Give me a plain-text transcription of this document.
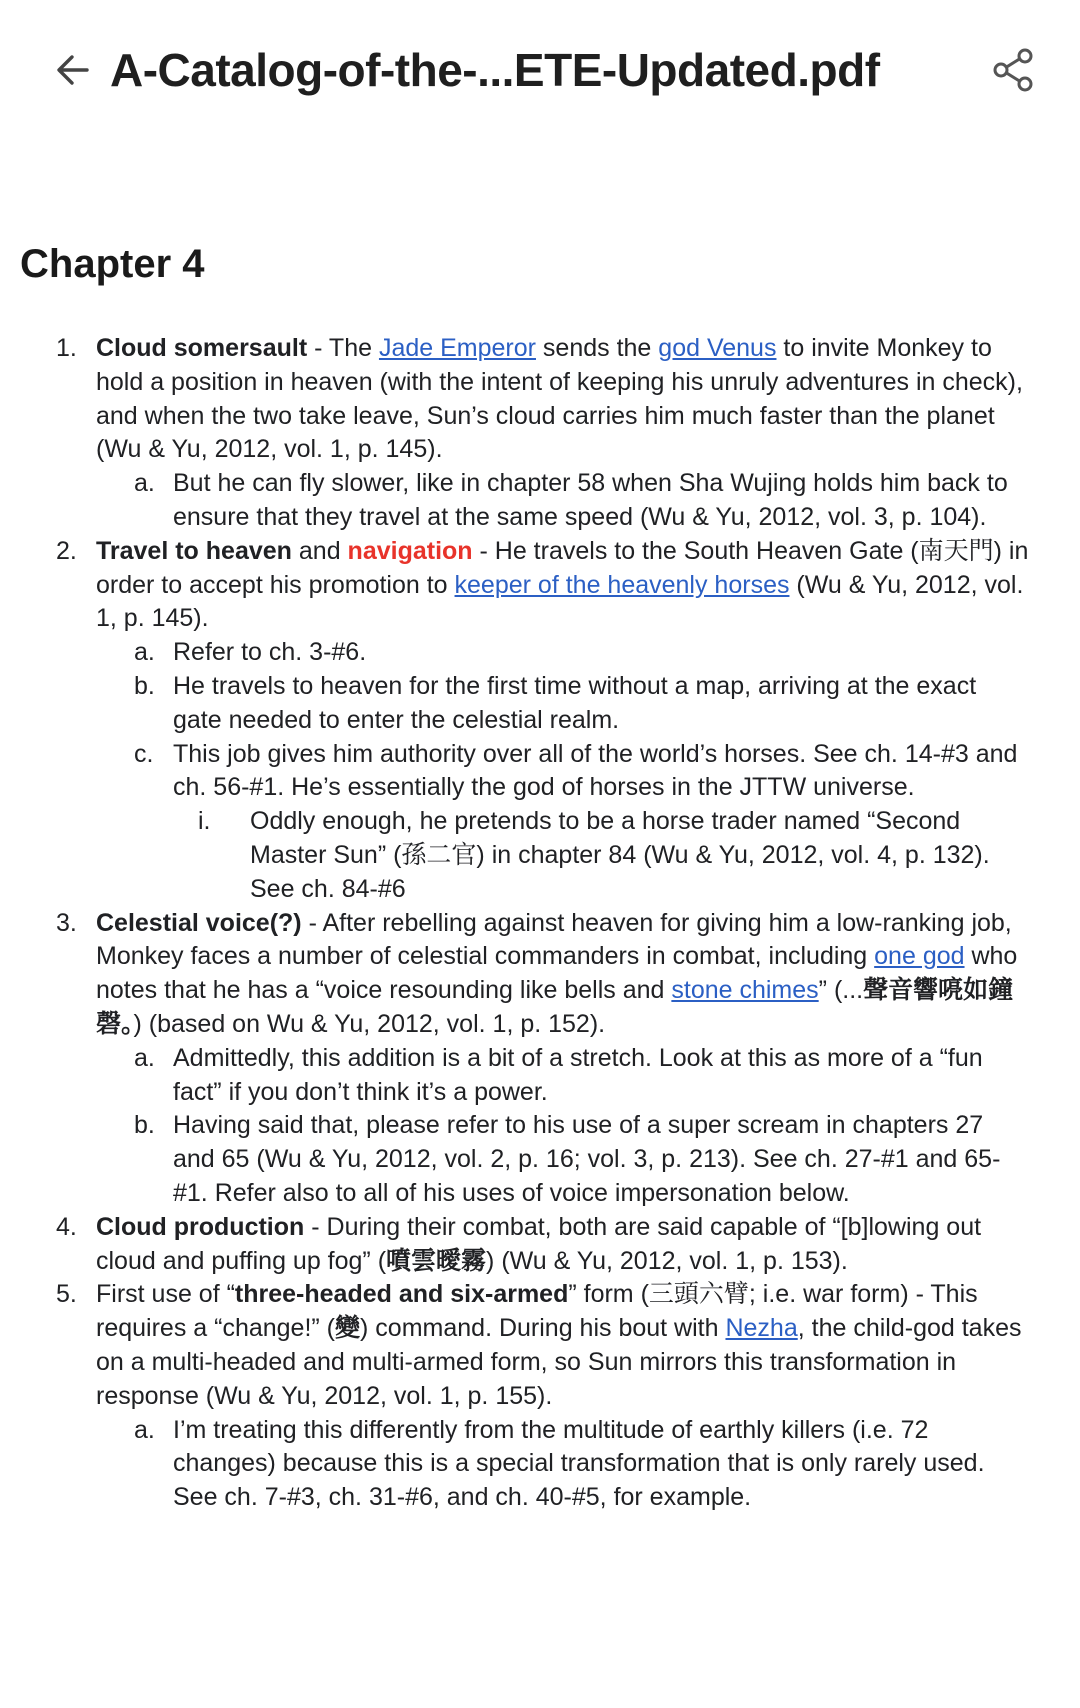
A-Catalog-of-the-...ETE-Updated.pdf
Chapter 4
1. Cloud somersault - The Jade Emperor sends the god Venus to invite Monkey to hold a position in heaven (with the intent of keeping his unruly adventures in check), and when the two take leave, Sun’s cloud carries him much faster than the planet (Wu & Yu, 2012, vol. 1, p. 145).
a. But he can fly slower, like in chapter 58 when Sha Wujing holds him back to ensure that they travel at the same speed (Wu & Yu, 2012, vol. 3, p. 104).
2. Travel to heaven and navigation - He travels to the South Heaven Gate (南天門) in order to accept his promotion to keeper of the heavenly horses (Wu & Yu, 2012, vol. 1, p. 145).
a. Refer to ch. 3-#6.
b. He travels to heaven for the first time without a map, arriving at the exact gate needed to enter the celestial realm.
c. This job gives him authority over all of the world’s horses. See ch. 14-#3 and ch. 56-#1. He’s essentially the god of horses in the JTTW universe.
i. Oddly enough, he pretends to be a horse trader named “Second Master Sun” (孫二官) in chapter 84 (Wu & Yu, 2012, vol. 4, p. 132). See ch. 84-#6
3. Celestial voice(?) - After rebelling against heaven for giving him a low-ranking job, Monkey faces a number of celestial commanders in combat, including one god who notes that he has a “voice resounding like bells and stone chimes” (...聲音響喨如鐘磬。) (based on Wu & Yu, 2012, vol. 1, p. 152).
a. Admittedly, this addition is a bit of a stretch. Look at this as more of a “fun fact” if you don’t think it’s a power.
b. Having said that, please refer to his use of a super scream in chapters 27 and 65 (Wu & Yu, 2012, vol. 2, p. 16; vol. 3, p. 213). See ch. 27-#1 and 65-#1. Refer also to all of his uses of voice impersonation below.
4. Cloud production - During their combat, both are said capable of “[b]lowing out cloud and puffing up fog” (噴雲曖霧) (Wu & Yu, 2012, vol. 1, p. 153).
5. First use of “three-headed and six-armed” form (三頭六臂; i.e. war form) - This requires a “change!” (變) command. During his bout with Nezha, the child-god takes on a multi-headed and multi-armed form, so Sun mirrors this transformation in response (Wu & Yu, 2012, vol. 1, p. 155).
a. I’m treating this differently from the multitude of earthly killers (i.e. 72 changes) because this is a special transformation that is only rarely used. See ch. 7-#3, ch. 31-#6, and ch. 40-#5, for example.
